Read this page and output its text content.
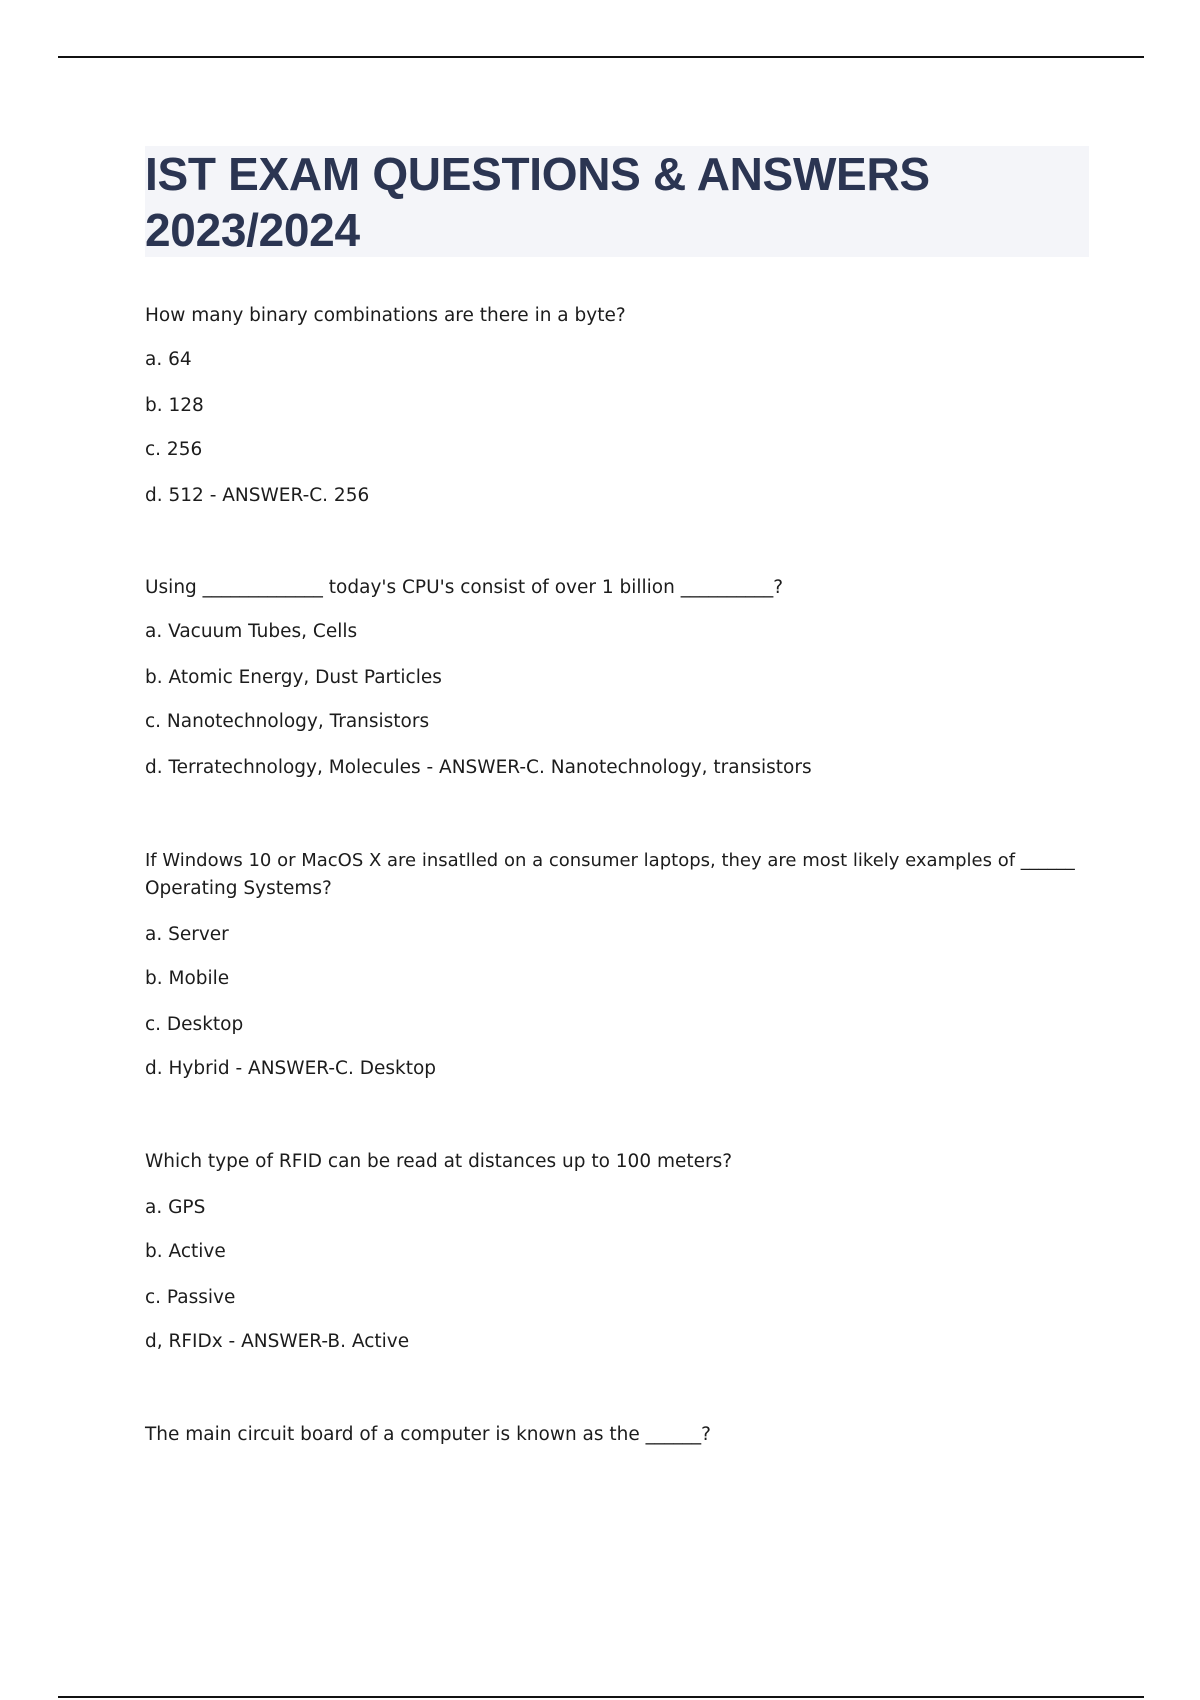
IST EXAM QUESTIONS & ANSWERS
2023/2024

How many binary combinations are there in a byte?

a. 64

b. 128

c. 256

d. 512 - ANSWER-C. 256

Using _____________ today's CPU's consist of over 1 billion __________?

a. Vacuum Tubes, Cells

b. Atomic Energy, Dust Particles

c. Nanotechnology, Transistors

d. Terratechnology, Molecules - ANSWER-C. Nanotechnology, transistors

If Windows 10 or MacOS X are insatlled on a consumer laptops, they are most likely examples of ______

Operating Systems?

a. Server

b. Mobile

c. Desktop

d. Hybrid - ANSWER-C. Desktop

Which type of RFID can be read at distances up to 100 meters?

a. GPS

b. Active

c. Passive

d, RFIDx - ANSWER-B. Active

The main circuit board of a computer is known as the ______?
